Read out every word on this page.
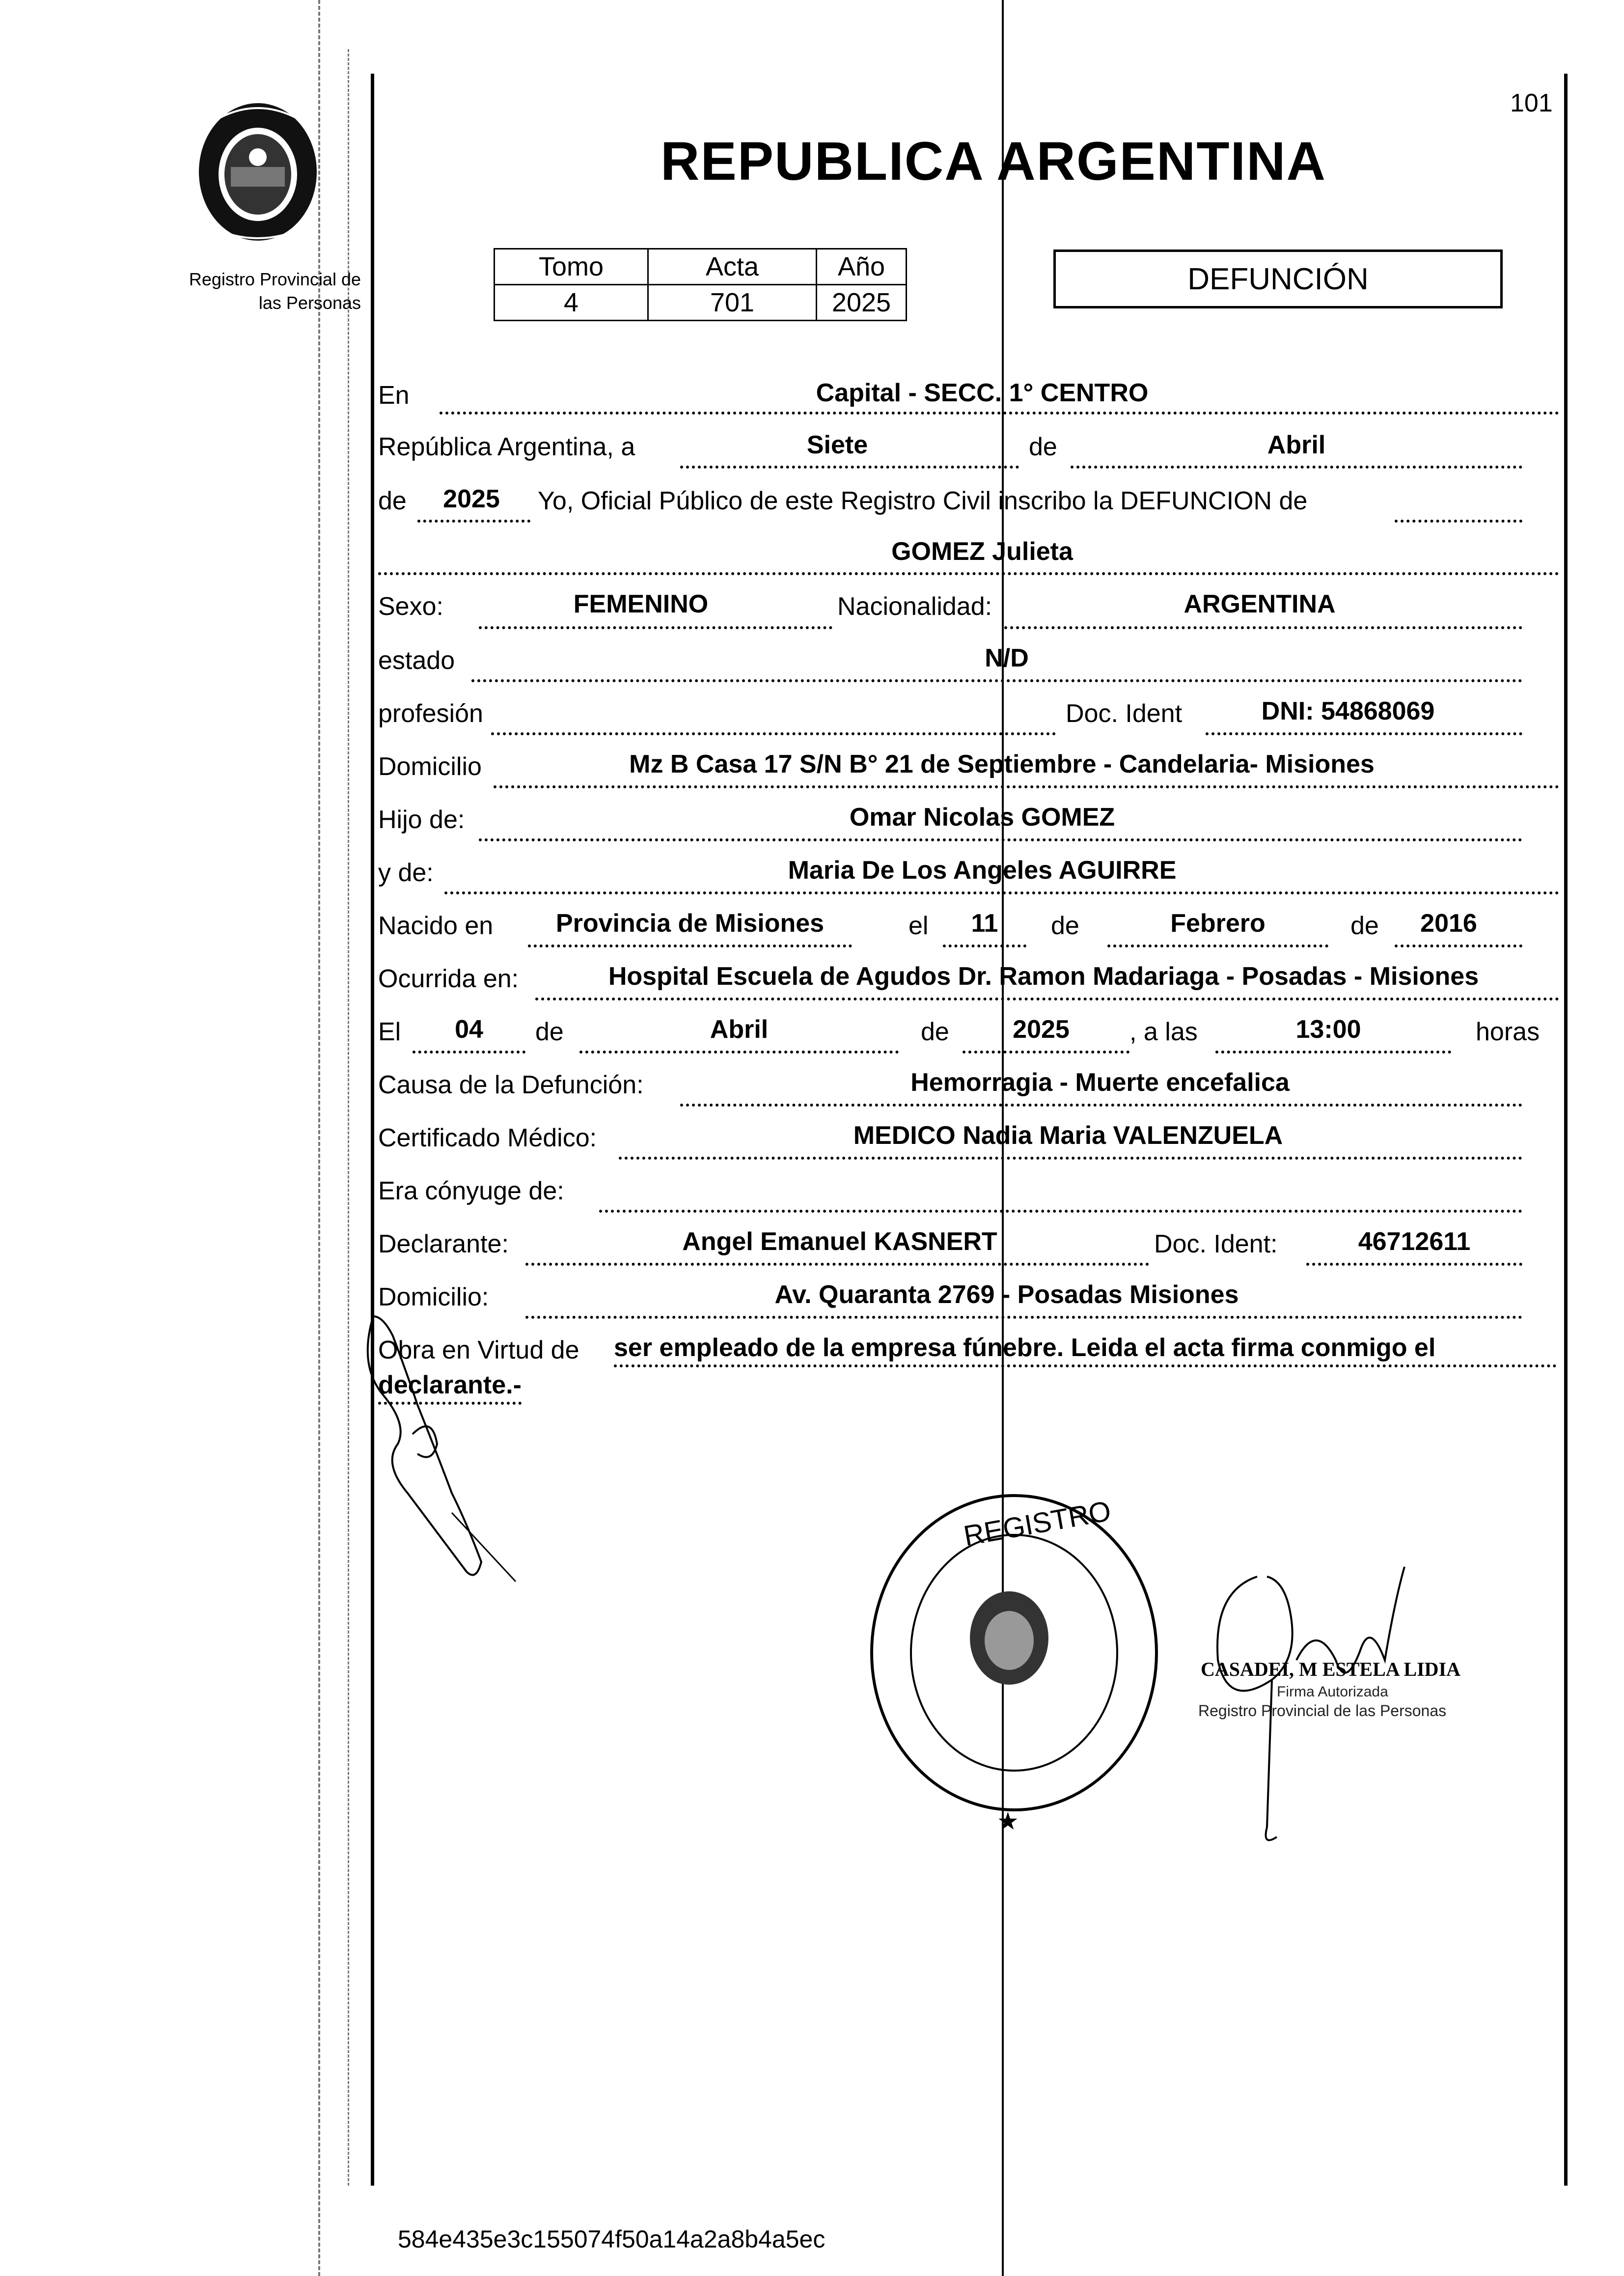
101
Registro Provincial de
las Personas
REPUBLICA ARGENTINA
Tomo	Acta	Año
4	701	2025
DEFUNCIÓN
En	Capital - SECC. 1° CENTRO
República Argentina, a	Siete	de	Abril
de	2025	Yo, Oficial Público de este Registro Civil inscribo la DEFUNCION de
GOMEZ Julieta
Sexo:	FEMENINO	Nacionalidad:	ARGENTINA
estado	N/D
profesión	Doc. Ident	DNI: 54868069
Domicilio	Mz B Casa 17 S/N B° 21 de Septiembre - Candelaria- Misiones
Hijo de:	Omar Nicolas GOMEZ
y de:	Maria De Los Angeles AGUIRRE
Nacido en	Provincia de Misiones	el	11	de	Febrero	de	2016
Ocurrida en:	Hospital Escuela de Agudos Dr. Ramon Madariaga - Posadas - Misiones
El	04	de	Abril	de	2025	, a las	13:00	horas
Causa de la Defunción:	Hemorragia - Muerte encefalica
Certificado Médico:	MEDICO Nadia Maria VALENZUELA
Era cónyuge de:
Declarante:	Angel Emanuel KASNERT	Doc. Ident:	46712611
Domicilio:	Av. Quaranta 2769 - Posadas Misiones
Obra en Virtud de ser empleado de la empresa fúnebre. Leida el acta firma conmigo el
declarante.-
REGISTRO
★
CASADEI, M ESTELA LIDIA
Firma Autorizada
Registro Provincial de las Personas
584e435e3c155074f50a14a2a8b4a5ec
